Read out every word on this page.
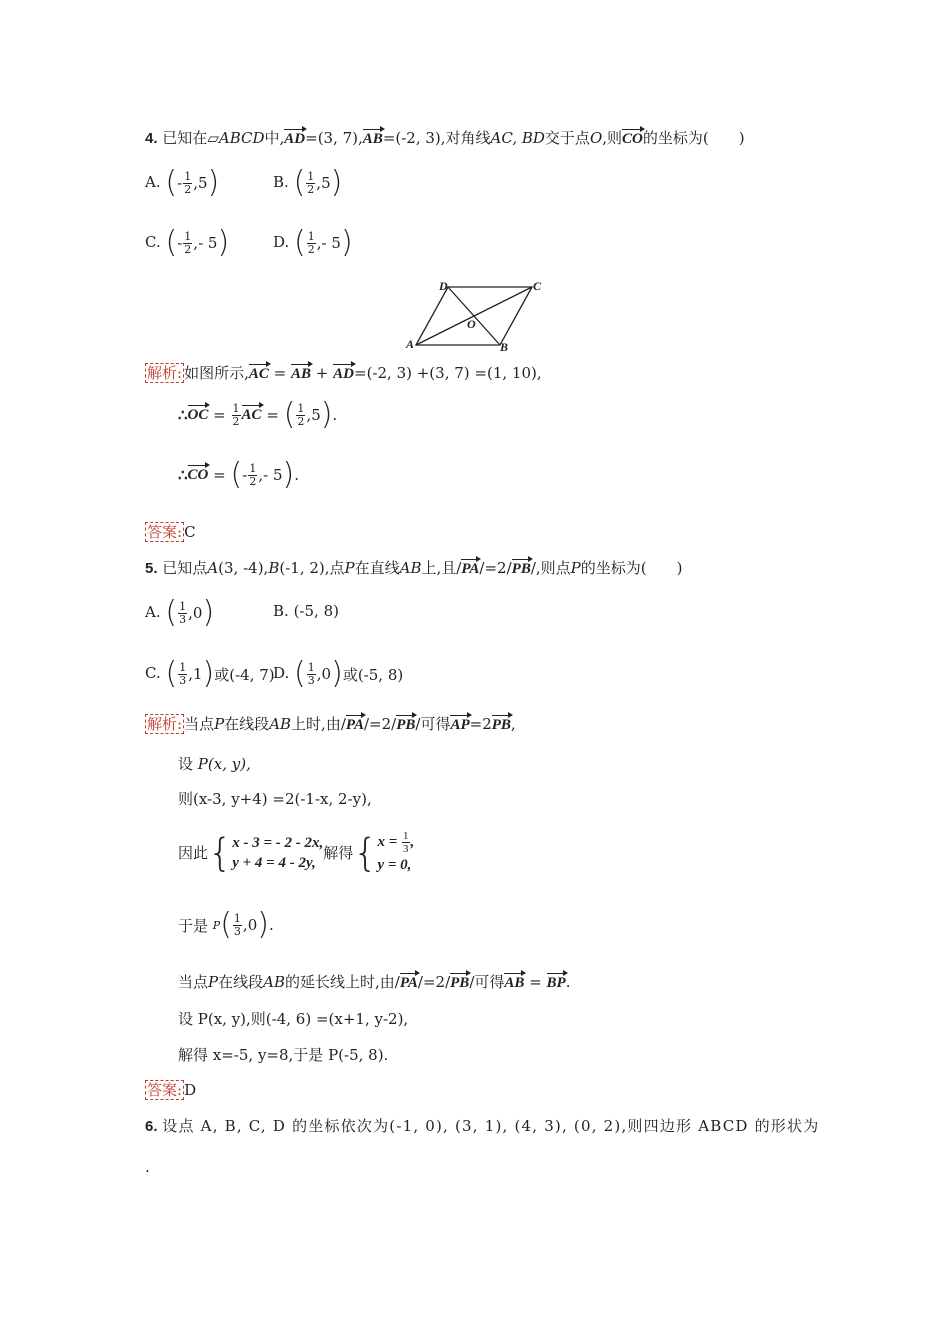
4. 已知在▱ABCD中,AD=(3, 7),AB=(-2, 3),对角线AC, BD交于点O,则CO的坐标为(　　)
A. ( - $\frac{1}{2}$ , 5 )	B. ( $\frac{1}{2}$ , 5 )
C. ( - $\frac{1}{2}$ , - 5 )	D. ( $\frac{1}{2}$ , - 5 )
A	B
C
D
O
解析: 如图所示,AC = AB + AD=(-2, 3) +(3, 7) =(1, 10),
∴ OC
=
$\frac{1}{2}$ AC
=
( $\frac{1}{2}$ , 5 ) .
∴ CO
=
( - $\frac{1}{2}$ , - 5 ) .
答案: C
5. 已知点A(3, -4),B(-1, 2),点P在直线AB上,且/PA/=2/PB/,则点P的坐标为(　　)
A. ( $\frac{1}{3}$ , 0 )	B. (-5, 8)
C. ( $\frac{1}{3}$ , 1 ) 或(-4, 7)
D. ( $\frac{1}{3}$ , 0 ) 或(-5, 8)
解析: 当点P在线段AB上时,由/PA/=2/PB/可得AP=2PB,
设 P(x, y),
则(x-3, y+4) =2(-1-x, 2-y),
因此{x - 3 = - 2 - 2x,
y + 4 = 4 - 2y,解得{$x = \frac{1}{3}$ ,
y = 0,
于是
P ( $\frac{1}{3}$ , 0 ) .
当点P在线段AB的延长线上时,由/PA/=2/PB/可得AB = BP.
设 P(x, y),则(-4, 6) =(x+1, y-2),
解得 x=-5, y=8,于是 P(-5, 8).
答案: D
6. 设点 A, B, C, D 的坐标依次为(-1, 0), (3, 1), (4, 3), (0, 2),则四边形 ABCD 的形状为
.
